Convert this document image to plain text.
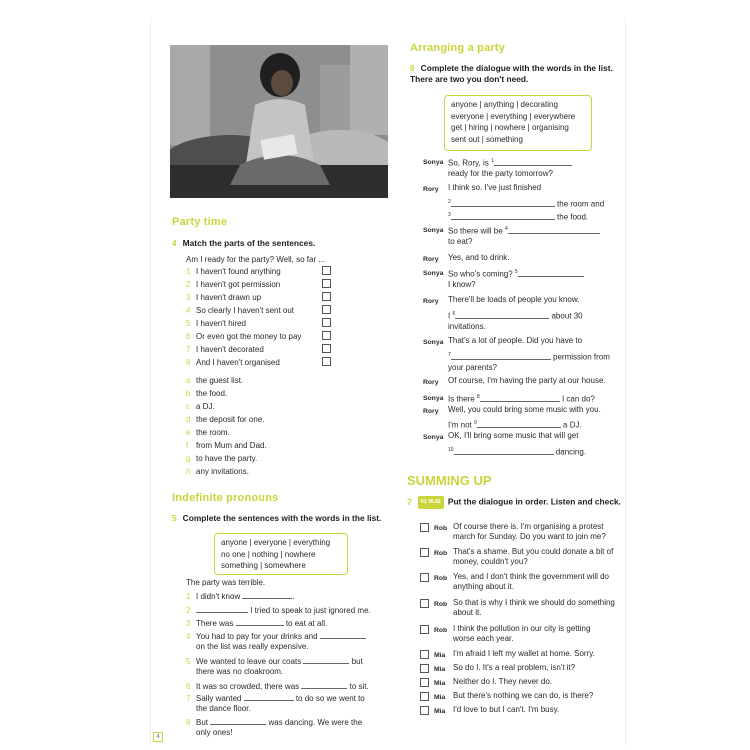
Arranging a party
6 Complete the dialogue with the words in the list. There are two you don't need.
anyone | anything | decorating
everyone | everything | everywhere
get | hiring | nowhere | organising
sent out | something
Sonya So, Rory, is $^1$
ready for the party tomorrow?
Rory I think so. I've just finished
$^2$	the room and
$^3$	the food.
Sonya So there will be $^4$
to eat?
Rory Yes, and to drink.
Sonya So who's coming? $^5$
I know?
Rory There'll be loads of people you know.
I $^6$	about 30
invitations.
Sonya That's a lot of people. Did you have to
$^7$	permission from
your parents?
Rory Of course, I'm having the party at our house.
Sonya Is there $^8$	I can do?
Rory Well, you could bring some music with you.
I'm not $^9$	a DJ.
Sonya OK, I'll bring some music that will get
$^{10}$	dancing.
Party time
4 Match the parts of the sentences.
Am I ready for the party? Well, so far ...
1 I haven't found anything
2 I haven't got permission
3 I haven't drawn up
4 So clearly I haven't sent out
5 I haven't hired
6 Or even got the money to pay
7 I haven't decorated
8 And I haven't organised
a the guest list.
b the food.
c a DJ.
d the deposit for one.
e the room.
f from Mum and Dad.
g to have the party.
h any invitations.
Indefinite pronouns
5 Complete the sentences with the words in the list.
anyone | everyone | everything
no one | nothing | nowhere
something | somewhere
The party was terrible.
1 I didn't know	.
2	I tried to speak to just ignored me.
3 There was	to eat at all.
4 You had to pay for your drinks and
on the list was really expensive.
5 We wanted to leave our coats	but
there was no cloakroom.
6 It was so crowded, there was	to sit.
7 Sally wanted	to do so we went to
the dance floor.
8 But	was dancing. We were the
only ones!
SUMMING UP
7 01 W.42 Put the dialogue in order. Listen and check.
Rob Of course there is. I'm organising a protest
march for Sunday. Do you want to join me?
Rob That's a shame. But you could donate a bit of
money, couldn't you?
Rob Yes, and I don't think the government will do
anything about it.
Rob So that is why I think we should do something
about it.
Rob I think the pollution in our city is getting
worse each year.
Mia I'm afraid I left my wallet at home. Sorry.
Mia So do I. It's a real problem, isn't it?
Mia Neither do I. They never do.
Mia But there's nothing we can do, is there?
Mia I'd love to but I can't. I'm busy.
4
